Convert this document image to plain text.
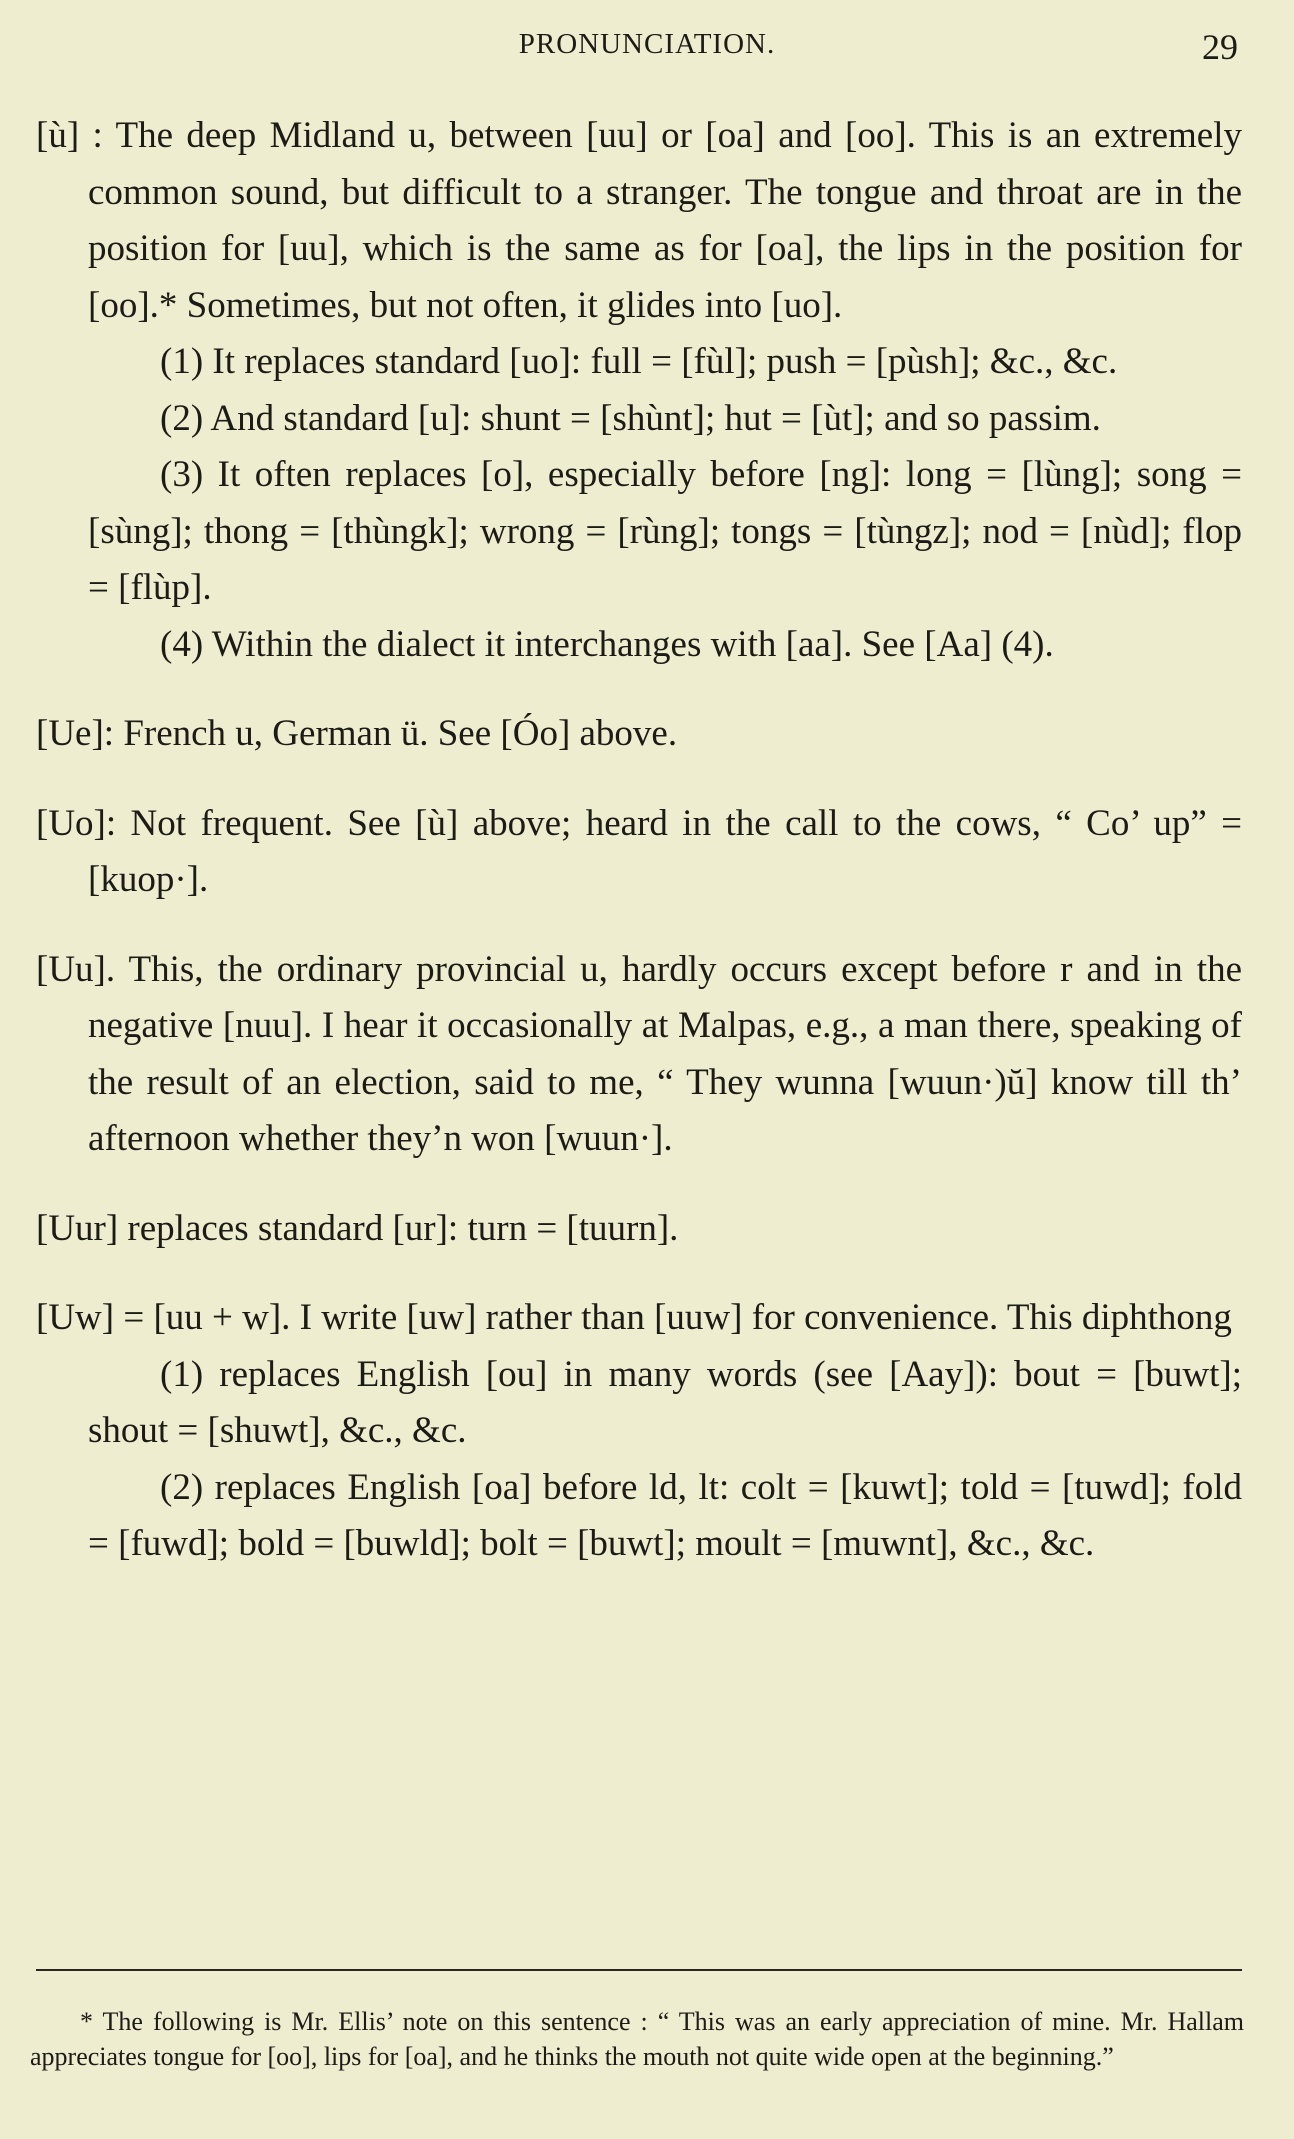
PRONUNCIATION.	29

[ù] : The deep Midland u, between [uu] or [oa] and [oo]. This is an extremely common sound, but difficult to a stranger. The tongue and throat are in the position for [uu], which is the same as for [oa], the lips in the position for [oo].* Sometimes, but not often, it glides into [uo].

(1) It replaces standard [uo]: full = [fùl]; push = [pùsh]; &c., &c.

(2) And standard [u]: shunt = [shùnt]; hut = [ùt]; and so passim.

(3) It often replaces [o], especially before [ng]: long = [lùng]; song = [sùng]; thong = [thùngk]; wrong = [rùng]; tongs = [tùngz]; nod = [nùd]; flop = [flùp].

(4) Within the dialect it interchanges with [aa]. See [Aa] (4).

[Ue]: French u, German ü. See [Óo] above.

[Uo]: Not frequent. See [ù] above; heard in the call to the cows, “ Co’ up” = [kuop·].

[Uu]. This, the ordinary provincial u, hardly occurs except before r and in the negative [nuu]. I hear it occasionally at Malpas, e.g., a man there, speaking of the result of an election, said to me, “ They wunna [wuun·)ŭ] know till th’ afternoon whether they’n won [wuun·].

[Uur] replaces standard [ur]: turn = [tuurn].

[Uw] = [uu + w]. I write [uw] rather than [uuw] for convenience. This diphthong

(1) replaces English [ou] in many words (see [Aay]): bout = [buwt]; shout = [shuwt], &c., &c.

(2) replaces English [oa] before ld, lt: colt = [kuwt]; told = [tuwd]; fold = [fuwd]; bold = [buwld]; bolt = [buwt]; moult = [muwnt], &c., &c.

* The following is Mr. Ellis’ note on this sentence : “ This was an early appreciation of mine. Mr. Hallam appreciates tongue for [oo], lips for [oa], and he thinks the mouth not quite wide open at the beginning.”
